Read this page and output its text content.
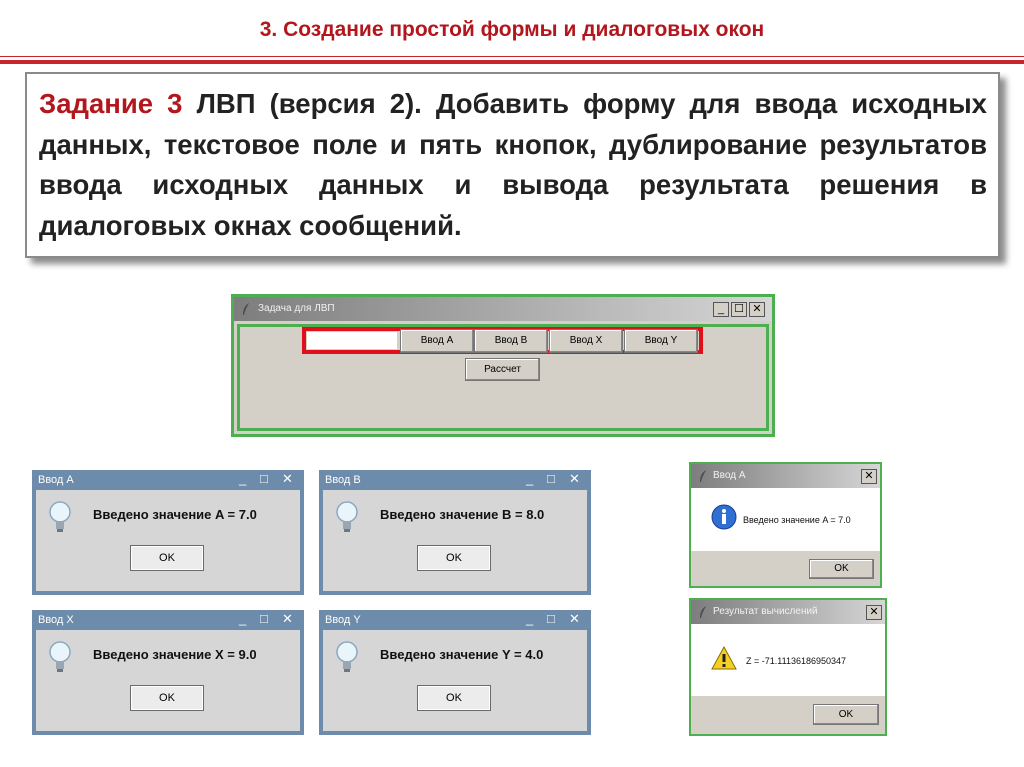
3. Создание простой формы и диалоговых окон
Задание 3 ЛВП (версия 2). Добавить форму для ввода исходных данных, текстовое поле и пять кнопок, дублирование результатов ввода исходных данных и вывода результата решения в диалоговых окнах сообщений.
Задача для ЛВП	_ ☐ ✕
Ввод A	Ввод B	Ввод X	Ввод Y
Рассчет
Ввод A	_ □ ✕
Введено значение A = 7.0
OK
Ввод B	_ □ ✕
Введено значение B = 8.0
OK
Ввод X	_ □ ✕
Введено значение X = 9.0
OK
Ввод Y	_ □ ✕
Введено значение Y = 4.0
OK
Ввод A	✕
Введено значение A = 7.0
OK
Результат вычислений	✕
Z = -71.11136186950347
OK
